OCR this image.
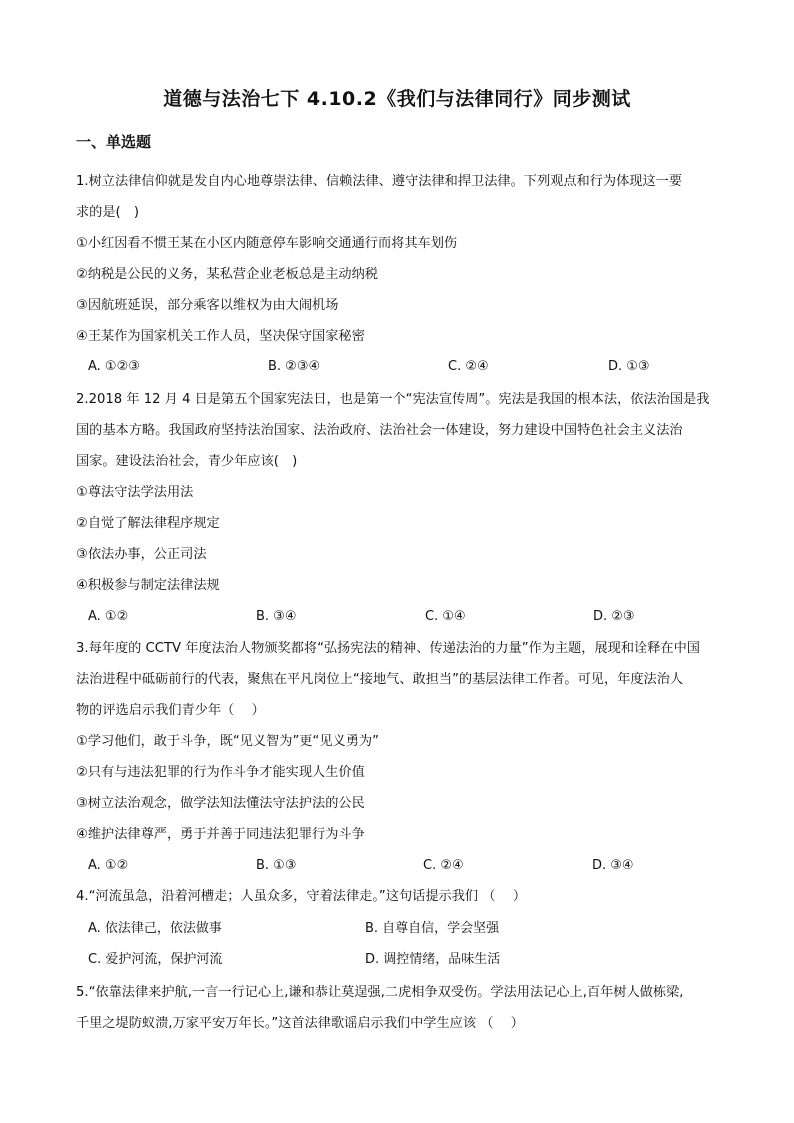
道德与法治七下 4.10.2《我们与法律同行》同步测试
一、单选题
1.树立法律信仰就是发自内心地尊崇法律、信赖法律、遵守法律和捍卫法律。下列观点和行为体现这一要
求的是(　)
①小红因看不惯王某在小区内随意停车影响交通通行而将其车划伤
②纳税是公民的义务，某私营企业老板总是主动纳税
③因航班延误，部分乘客以维权为由大闹机场
④王某作为国家机关工作人员，坚决保守国家秘密
A. ①②③	B. ②③④	C. ②④	D. ①③
2.2018 年 12 月 4 日是第五个国家宪法日，也是第一个“宪法宣传周”。宪法是我国的根本法，依法治国是我
国的基本方略。我国政府坚持法治国家、法治政府、法治社会一体建设，努力建设中国特色社会主义法治
国家。建设法治社会，青少年应该(　)
①尊法守法学法用法
②自觉了解法律程序规定
③依法办事，公正司法
④积极参与制定法律法规
A. ①②	B. ③④	C. ①④	D. ②③
3.每年度的 CCTV 年度法治人物颁奖都将“弘扬宪法的精神、传递法治的力量”作为主题，展现和诠释在中国
法治进程中砥砺前行的代表，聚焦在平凡岗位上“接地气、敢担当”的基层法律工作者。可见，年度法治人
物的评选启示我们青少年（　 ）
①学习他们，敢于斗争，既“见义智为”更“见义勇为”
②只有与违法犯罪的行为作斗争才能实现人生价值
③树立法治观念，做学法知法懂法守法护法的公民
④维护法律尊严，勇于并善于同违法犯罪行为斗争
A. ①②	B. ①③	C. ②④	D. ③④
4.“河流虽急，沿着河槽走；人虽众多，守着法律走。”这句话提示我们 （　 ）
A. 依法律己，依法做事	B. 自尊自信，学会坚强
C. 爱护河流，保护河流	D. 调控情绪，品味生活
5.“依靠法律来护航,一言一行记心上,谦和恭让莫逞强,二虎相争双受伤。学法用法记心上,百年树人做栋梁,
千里之堤防蚁溃,万家平安万年长。”这首法律歌谣启示我们中学生应该 （　 ）
